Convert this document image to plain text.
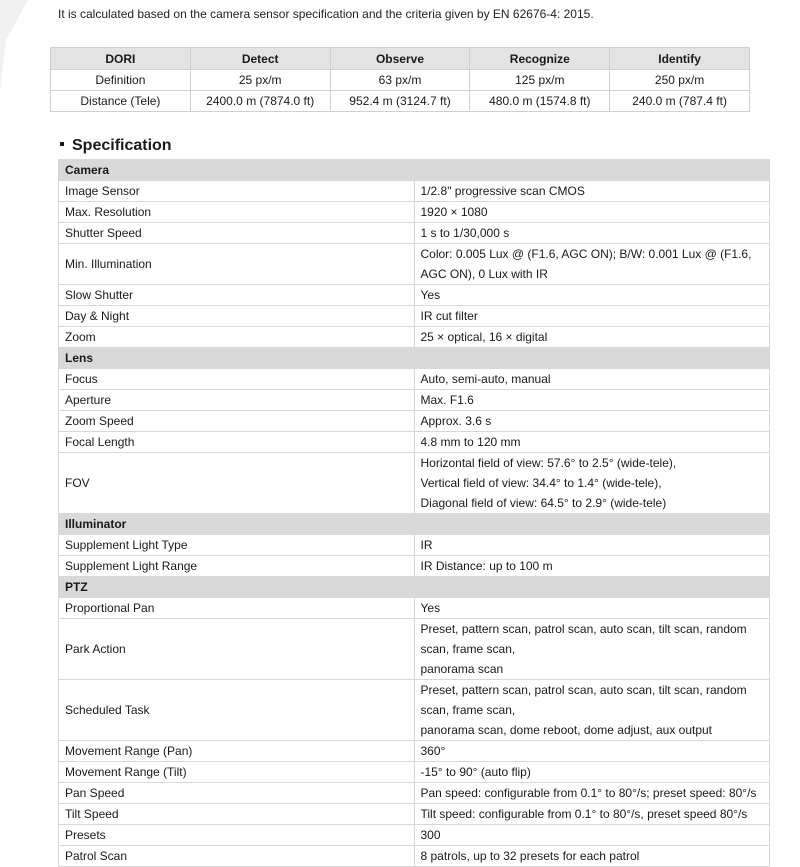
It is calculated based on the camera sensor specification and the criteria given by EN 62676-4: 2015.
DORI	Detect	Observe	Recognize	Identify
Definition	25 px/m	63 px/m	125 px/m	250 px/m
Distance (Tele)	2400.0 m (7874.0 ft)	952.4 m (3124.7 ft)	480.0 m (1574.8 ft)	240.0 m (787.4 ft)
Specification
Camera	
Image Sensor	1/2.8" progressive scan CMOS

Max. Resolution	1920 × 1080

Shutter Speed	1 s to 1/30,000 s

Min. Illumination	Color: 0.005 Lux @ (F1.6, AGC ON); B/W: 0.001 Lux @ (F1.6, AGC ON), 0 Lux with IR

Slow Shutter	Yes

Day & Night	IR cut filter

Zoom	25 × optical, 16 × digital

Lens	
Focus	Auto, semi-auto, manual

Aperture	Max. F1.6

Zoom Speed	Approx. 3.6 s

Focal Length	4.8 mm to 120 mm

FOV	Horizontal field of view: 57.6° to 2.5° (wide-tele),
Vertical field of view: 34.4° to 1.4° (wide-tele),
Diagonal field of view: 64.5° to 2.9° (wide-tele)

Illuminator	
Supplement Light Type	IR

Supplement Light Range	IR Distance: up to 100 m

PTZ	
Proportional Pan	Yes

Park Action	Preset, pattern scan, patrol scan, auto scan, tilt scan, random scan, frame scan,
panorama scan

Scheduled Task	Preset, pattern scan, patrol scan, auto scan, tilt scan, random scan, frame scan,
panorama scan, dome reboot, dome adjust, aux output

Movement Range (Pan)	360°

Movement Range (Tilt)	-15° to 90° (auto flip)

Pan Speed	Pan speed: configurable from 0.1° to 80°/s; preset speed: 80°/s

Tilt Speed	Tilt speed: configurable from 0.1° to 80°/s, preset speed 80°/s

Presets	300

Patrol Scan	8 patrols, up to 32 presets for each patrol
